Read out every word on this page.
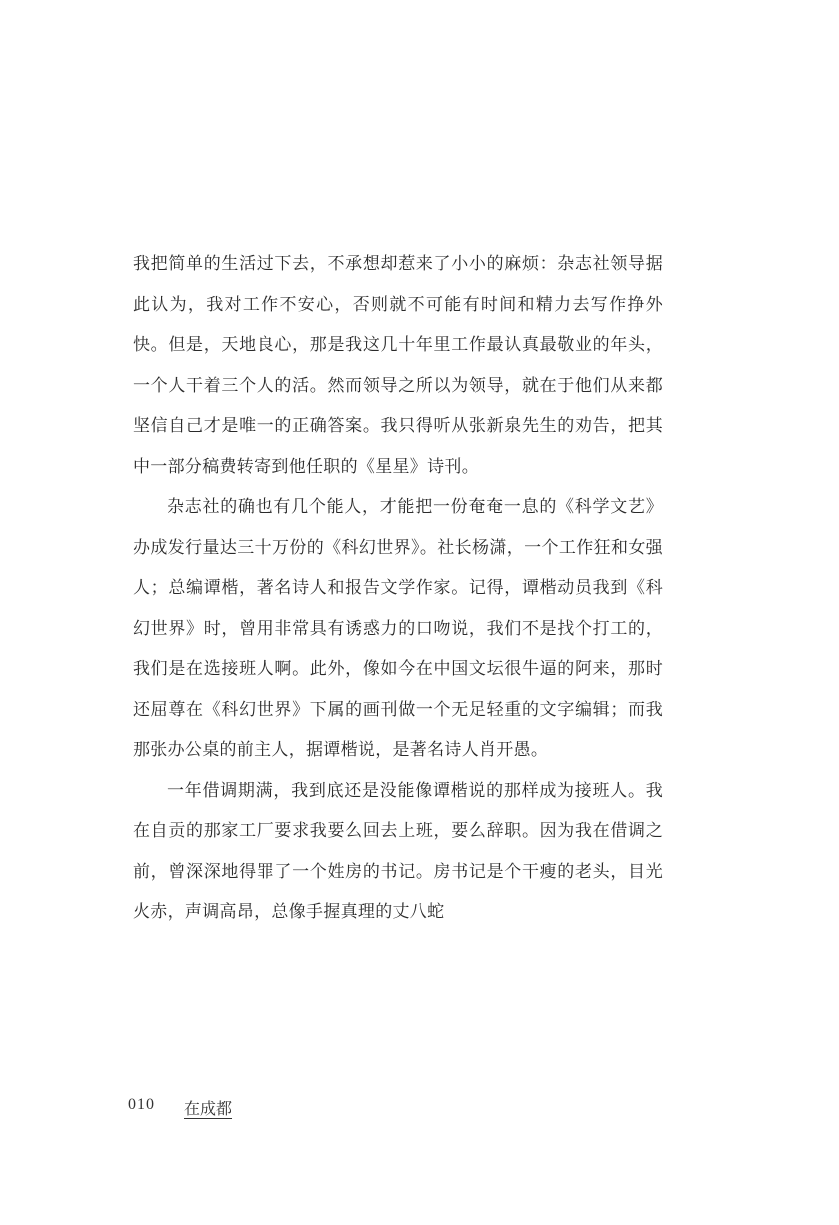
我把简单的生活过下去，不承想却惹来了小小的麻烦：杂志社领导据此认为，我对工作不安心，否则就不可能有时间和精力去写作挣外快。但是，天地良心，那是我这几十年里工作最认真最敬业的年头，一个人干着三个人的活。然而领导之所以为领导，就在于他们从来都坚信自己才是唯一的正确答案。我只得听从张新泉先生的劝告，把其中一部分稿费转寄到他任职的《星星》诗刊。

杂志社的确也有几个能人，才能把一份奄奄一息的《科学文艺》办成发行量达三十万份的《科幻世界》。社长杨潇，一个工作狂和女强人；总编谭楷，著名诗人和报告文学作家。记得，谭楷动员我到《科幻世界》时，曾用非常具有诱惑力的口吻说，我们不是找个打工的，我们是在选接班人啊。此外，像如今在中国文坛很牛逼的阿来，那时还屈尊在《科幻世界》下属的画刊做一个无足轻重的文字编辑；而我那张办公桌的前主人，据谭楷说，是著名诗人肖开愚。

一年借调期满，我到底还是没能像谭楷说的那样成为接班人。我在自贡的那家工厂要求我要么回去上班，要么辞职。因为我在借调之前，曾深深地得罪了一个姓房的书记。房书记是个干瘦的老头，目光火赤，声调高昂，总像手握真理的丈八蛇

010 在成都
